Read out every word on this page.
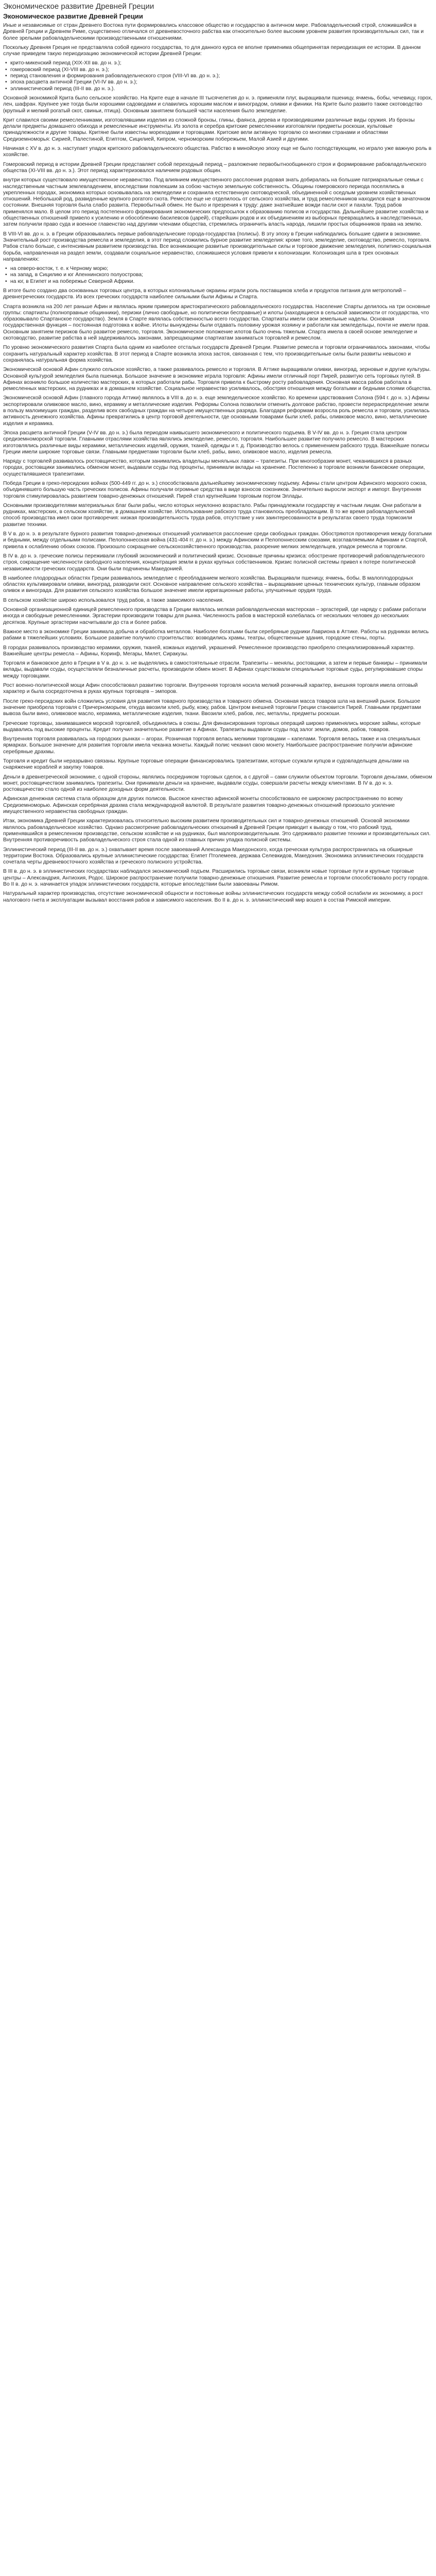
Экономическое развитие Древней Греции
Экономическое развитие Древней Греции

Иные и независимые от стран Древнего Востока пути формировались классовое общество и государство в античном мире. Рабовладельческий строй, сложившийся в Древней Греции и Древнем Риме, существенно отличался от древневосточного рабства как относительно более высоким уровнем развития производительных сил, так и более зрелыми рабовладельческими производственными отношениями.

Поскольку Древняя Греция не представляла собой единого государства, то для данного курса ее вполне применима общепринятая периодизация ее истории. В данном случае приведем такую периодизацию экономической истории Древней Греции:

• крито-микенский период (XIX-XII вв. до н. э.);
• гомеровский период (XI-VIII вв. до н. э.);
• период становления и формирования рабовладельческого строя (VIII-VI вв. до н. э.);
• эпоха расцвета античной Греции (VI-IV вв. до н. э.);
• эллинистический период (III-II вв. до н. э.).

Основной экономикой Крита было сельское хозяйство. На Крите еще в начале III тысячелетия до н. э. применяли плуг, выращивали пшеницу, ячмень, бобы, чечевицу, горох, лен, шафран. Крупнее уже тогда были хорошими садоводами и славились хорошим маслом и виноградом, оливки и финики. На Крите было развито также скотоводство (крупный и мелкий рогатый скот, свиньи, птица). Основным занятием большей части населения было земледелие.

Крит славился своими ремесленниками, изготовлявшими изделия из сложной бронзы, глины, фаянса, дерева и производившими различные виды оружия. Из бронзы делали предметы домашнего обихода и ремесленные инструменты. Из золота и серебра критские ремесленники изготовляли предметы роскоши, культовые принадлежности и другие товары. Критяне были известны мореходами и торговцами. Критские вели активную торговлю со многими странами и областями Средиземноморья: Сирией, Палестиной, Египтом, Сицилией, Кипром, черноморским побережьем, Малой Азией и другими.

Начиная с XV в. до н. э. наступает упадок критского рабовладельческого общества. Рабство в минойскую эпоху еще не было господствующим, но играло уже важную роль в хозяйстве.

Гомеровский период в истории Древней Греции представляет собой переходный период – разложение первобытнообщинного строя и формирование рабовладельческого общества (XI-VIII вв. до н. э.). Этот период характеризовался наличием родовых общин.

внутри которых существовало имущественное неравенство. Под влиянием имущественного расслоения родовая знать добиралась на большие патриархальные семьи с наследственным частным землевладением, впоследствии повлекшим за собою частную земельную собственность. Общины гомеровского периода поселялись в укрепленных городах, экономика которых основывалась на земледелии и сохранила естественную скотоводческой, объединенной с оседлым уровнем хозяйственных отношений. Небольшой род, развиденные крупного рогатого скота. Ремесло еще не отделилось от сельского хозяйства, и труд ремесленников находился еще в зачаточном состоянии. Внешняя торговля была слабо развита. Первобытный обмен. Не было и презрения к труду: даже знатнейшие вожди пасли скот и пахали. Труд рабов применялся мало. В целом это период постепенного формирования экономических предпосылок к образованию полисов и государства. Дальнейшее развитие хозяйства и общественных отношений привело к усилению и обособлению басилевсов (царей), старейшин родов и их объединениям из выборных превращались в наследственных, затем получили право суда и военное главенство над другими членами общества, стремились ограничить власть народа, лишили простых общинников права на землю.

В VIII-VI вв. до н. э. в Греции образовывались первые рабовладельческие города-государства (полисы). В эту эпоху в Греции наблюдались большие сдвиги в экономике. Значительный рост производства ремесла и земледелия, в этот период сложились бурное развитие земледелия: кроме того, земледелие, скотоводство, ремесло, торговля. Рабов стало больше, с интенсивным развитием производства. Все возникающие развитые производительные силы и торговое движение земледелия, политико-социальная борьба, направленная на раздел земли, создавали социальное неравенство, сложившиеся условия привели к колонизации. Колонизация шла в трех основных направлениях:

• на северо-восток, т. е. к Черному морю;
• на запад, в Сицилию и юг Апеннинского полуострова;
• на юг, в Египет и на побережье Северной Африки.

В итоге было создано два основанных торговых центра, в которых колониальные окраины играли роль поставщиков хлеба и продуктов питания для метрополий – древнегреческих государств. Из всех греческих государств наиболее сильными были Афины и Спарта.

Спарта возникла на 200 лет раньше Афин и являлась ярким примером аристократического рабовладельческого государства. Население Спарты делилось на три основные группы: спартиаты (полноправные общинники), периэки (лично свободные, но политически бесправные) и илоты (находящиеся в сельской зависимости от государства, что образовывало Спартанское государство). Земля в Спарте являлась собственностью всего государства. Спартиаты имели свои земельные наделы. Основная государственная функция – постоянная подготовка к войне. Илоты вынуждены были отдавать половину урожая хозяину и работали как земледельцы, почти не имели прав. Основным занятием периэков было развитое ремесло, торговля. Экономическое положение илотов было очень тяжелым. Спарта имела в своей основе земледелие и скотоводство, развитие рабства в ней задерживалось законами, запрещающими спартиатам заниматься торговлей и ремеслом.

По уровню экономического развития Спарта была одним из наиболее отсталых государств Древней Греции. Развитие ремесла и торговли ограничивалось законами, чтобы сохранить натуральный характер хозяйства. В этот период в Спарте возникла эпоха застоя, связанная с тем, что производительные силы были развиты невысоко и сохранялась натуральная форма хозяйства.

Экономической основой Афин служило сельское хозяйство, а также развивалось ремесло и торговля. В Аттике выращивали оливки, виноград, зерновые и другие культуры. Основной культурой земледелия была пшеница. Большое значение в экономике играла торговля: Афины имели отличный порт Пирей, развитую сеть торговых путей. В Афинах возникло большое количество мастерских, в которых работали рабы. Торговля привела к быстрому росту рабовладения. Основная масса рабов работала в ремесленных мастерских, на рудниках и в домашнем хозяйстве. Социальное неравенство усиливалось, обостряя отношения между богатыми и бедными слоями общества.

Экономической основой Афин (главного города Аттики) являлось в VIII в. до н. э. еще земледельческое хозяйство. Ко времени царствования Солона (594 г. до н. э.) Афины экспортировали оливковое масло, вино, керамику и металлические изделия. Реформы Солона позволили отменить долговое рабство, провести перераспределение земли в пользу малоимущих граждан, разделив всех свободных граждан на четыре имущественных разряда. Благодаря реформам возросла роль ремесла и торговли, усилилась активность денежного хозяйства. Афины превратились в центр торговой деятельности, где основными товарами были хлеб, рабы, оливковое масло, вино, металлические изделия и керамика.

Эпоха расцвета античной Греции (V-IV вв. до н. э.) была периодом наивысшего экономического и политического подъема. В V-IV вв. до н. э. Греция стала центром средиземноморской торговли. Главными отраслями хозяйства являлись земледелие, ремесло, торговля. Наибольшее развитие получило ремесло. В мастерских изготовлялись различные виды керамики, металлических изделий, оружия, тканей, одежды и т. д. Производство велось с применением рабского труда. Важнейшие полисы Греции имели широкие торговые связи. Главными предметами торговли были хлеб, рабы, вино, оливковое масло, изделия ремесла.

Наряду с торговлей развивалось ростовщичество, которым занимались владельцы меняльных лавок – трапезиты. При многообразии монет, чеканившихся в разных городах, ростовщики занимались обменом монет, выдавали ссуды под проценты, принимали вклады на хранение. Постепенно в торговле возникли банковские операции, осуществлявшиеся трапезитами.

Победа Греции в греко-персидских войнах (500-449 гг. до н. э.) способствовала дальнейшему экономическому подъему. Афины стали центром Афинского морского союза, объединявшего большую часть греческих полисов. Афины получали огромные средства в виде взносов союзников. Значительно выросли экспорт и импорт. Внутренняя торговля стимулировалась развитием товарно-денежных отношений. Пирей стал крупнейшим торговым портом Эллады.

Основными производителями материальных благ были рабы, число которых неуклонно возрастало. Рабы принадлежали государству и частным лицам. Они работали в рудниках, мастерских, в сельском хозяйстве, в домашнем хозяйстве. Использование рабского труда становилось преобладающим. В то же время рабовладельческий способ производства имел свои противоречия: низкая производительность труда рабов, отсутствие у них заинтересованности в результатах своего труда тормозили развитие техники.

В V в. до н. э. в результате бурного развития товарно-денежных отношений усиливается расслоение среди свободных граждан. Обостряются противоречия между богатыми и бедными, между отдельными полисами. Пелопоннесская война (431-404 гг. до н. э.) между Афинским и Пелопоннесским союзами, возглавляемыми Афинами и Спартой, привела к ослаблению обоих союзов. Произошло сокращение сельскохозяйственного производства, разорение мелких земледельцев, упадок ремесла и торговли.

В IV в. до н. э. греческие полисы переживали глубокий экономический и политический кризис. Основные причины кризиса: обострение противоречий рабовладельческого строя, сокращение численности свободного населения, концентрация земли в руках крупных собственников. Кризис полисной системы привел к потере политической независимости греческих государств. Они были подчинены Македонией.

В наиболее плодородных областях Греции развивалось земледелие с преобладанием мелкого хозяйства. Выращивали пшеницу, ячмень, бобы. В малоплодородных областях культивировали оливки, виноград, разводили скот. Основное направление сельского хозяйства – выращивание ценных технических культур, главным образом оливок и винограда. Для развития сельского хозяйства большое значение имели ирригационные работы, улучшенные орудия труда.

В сельском хозяйстве широко использовался труд рабов, а также зависимого населения.

Основной организационной единицей ремесленного производства в Греции являлась мелкая рабовладельческая мастерская – эргастерий, где наряду с рабами работали иногда и свободные ремесленники. Эргастерии производили товары для рынка. Численность рабов в мастерской колебалась от нескольких человек до нескольких десятков. Крупные эргастерии насчитывали до ста и более рабов.

Важное место в экономике Греции занимала добыча и обработка металлов. Наиболее богатыми были серебряные рудники Лавриона в Аттике. Работы на рудниках велись рабами в тяжелейших условиях. Большое развитие получило строительство: возводились храмы, театры, общественные здания, городские стены, порты.

В городах развивалось производство керамики, оружия, тканей, кожаных изделий, украшений. Ремесленное производство приобрело специализированный характер. Важнейшие центры ремесла – Афины, Коринф, Мегары, Милет, Сиракузы.

Торговля и банковское дело в Греции в V в. до н. э. не выделялись в самостоятельные отрасли. Трапезиты – менялы, ростовщики, а затем и первые банкиры – принимали вклады, выдавали ссуды, осуществляли безналичные расчеты, производили обмен монет. В Афинах существовали специальные торговые суды, регулировавшие споры между торговцами.

Рост военно-политической мощи Афин способствовал развитию торговли. Внутренняя торговля носила мелкий розничный характер, внешняя торговля имела оптовый характер и была сосредоточена в руках крупных торговцев – эмпоров.

После греко-персидских войн сложились условия для развития товарного производства и товарного обмена. Основная масса товаров шла на внешний рынок. Большое значение приобрела торговля с Причерноморьем, откуда ввозили хлеб, рыбу, кожу, рабов. Центром внешней торговли Греции становится Пирей. Главными предметами вывоза были вино, оливковое масло, керамика, металлические изделия, ткани. Ввозили хлеб, рабов, лес, металлы, предметы роскоши.

Греческие торговцы, занимавшиеся морской торговлей, объединялись в союзы. Для финансирования торговых операций широко применялись морские займы, которые выдавались под высокие проценты. Кредит получил значительное развитие в Афинах. Трапезиты выдавали ссуды под залог земли, домов, рабов, товаров.

Внутренняя торговля развивалась на городских рынках – агорах. Розничная торговля велась мелкими торговцами – капелами. Торговля велась также и на специальных ярмарках. Большое значение для развития торговли имела чеканка монеты. Каждый полис чеканил свою монету. Наибольшее распространение получили афинские серебряные драхмы.

Торговля и кредит были неразрывно связаны. Крупные торговые операции финансировались трапезитами, которые ссужали купцов и судовладельцев деньгами на снаряжение кораблей и закупку товаров.

Деньги в древнегреческой экономике, с одной стороны, являлись посредником торговых сделок, а с другой – сами служили объектом торговли. Торговля деньгами, обменом монет, ростовщичеством занимались трапезиты. Они принимали деньги на хранение, выдавали ссуды, совершали расчеты между клиентами. В IV в. до н. э. ростовщичество стало одной из наиболее доходных форм деятельности.

Афинская денежная система стала образцом для других полисов. Высокое качество афинской монеты способствовало ее широкому распространению по всему Средиземноморью. Афинская серебряная драхма стала международной валютой. В результате развития товарно-денежных отношений произошло усиление имущественного неравенства свободных граждан.

Итак, экономика Древней Греции характеризовалась относительно высоким развитием производительных сил и товарно-денежных отношений. Основой экономики являлось рабовладельческое хозяйство. Однако рассмотрение рабовладельческих отношений в Древней Греции приводит к выводу о том, что рабский труд, применявшийся в ремесленном производстве, сельском хозяйстве и на рудниках, был малопроизводительным. Это сдерживало развитие техники и производительных сил. Внутренняя противоречивость рабовладельческого строя стала одной из главных причин упадка полисной системы.

Эллинистический период (III-II вв. до н. э.) охватывает время после завоеваний Александра Македонского, когда греческая культура распространилась на обширные территории Востока. Образовались крупные эллинистические государства: Египет Птолемеев, держава Селевкидов, Македония. Экономика эллинистических государств сочетала черты древневосточного хозяйства и греческого полисного устройства.

В III в. до н. э. в эллинистических государствах наблюдался экономический подъем. Расширились торговые связи, возникли новые торговые пути и крупные торговые центры – Александрия, Антиохия, Родос. Широкое распространение получили товарно-денежные отношения. Развитие ремесла и торговли способствовало росту городов. Во II в. до н. э. начинается упадок эллинистических государств, которые впоследствии были завоеваны Римом.

Натуральный характер производства, отсутствие экономической общности и постоянные войны эллинистических государств между собой ослабили их экономику, а рост налогового гнета и эксплуатации вызывал восстания рабов и зависимого населения. Во II в. до н. э. эллинистический мир вошел в состав Римской империи.
